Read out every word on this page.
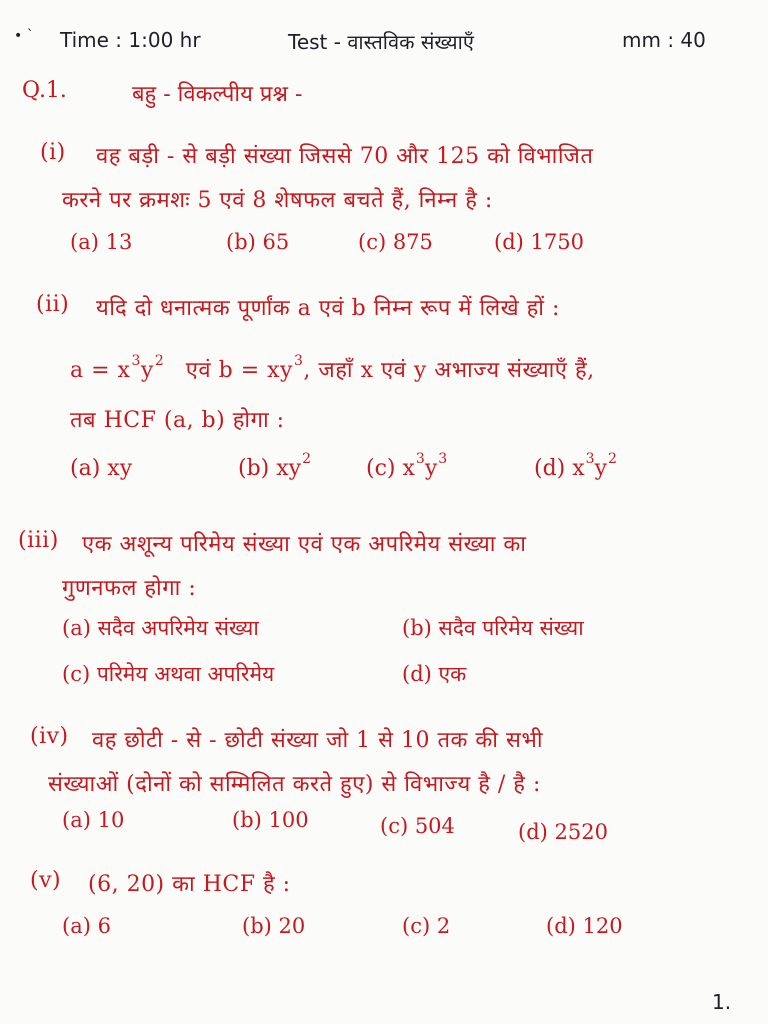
• ` Time : 1:00 hr	Test - वास्तविक संख्याएँ	mm : 40
Q.1.	बहु - विकल्पीय प्रश्न -
(i) वह बड़ी - से बड़ी संख्या जिससे 70 और 125 को विभाजित
करने पर क्रमशः 5 एवं 8 शेषफल बचते हैं, निम्न है :
(a) 13	(b) 65	(c) 875	(d) 1750
(ii) यदि दो धनात्मक पूर्णांक a एवं b निम्न रूप में लिखे हों :
$a = x^3y^2$ एवं $b = xy^3$, जहाँ x एवं y अभाज्य संख्याएँ हैं,
तब HCF (a, b) होगा :
(a) xy	(b) $xy^2$ (c) $x^3y^3$	(d) $x^3y^2$
(iii) एक अशून्य परिमेय संख्या एवं एक अपरिमेय संख्या का
गुणनफल होगा :
(a) सदैव अपरिमेय संख्या	(b) सदैव परिमेय संख्या
(c) परिमेय अथवा अपरिमेय	(d) एक
(iv) वह छोटी - से - छोटी संख्या जो 1 से 10 तक की सभी
संख्याओं (दोनों को सम्मिलित करते हुए) से विभाज्य है / है :
(a) 10	(b) 100	(c) 504	(d) 2520
(v) (6, 20) का HCF है :
(a) 6	(b) 20	(c) 2	(d) 120
1.
